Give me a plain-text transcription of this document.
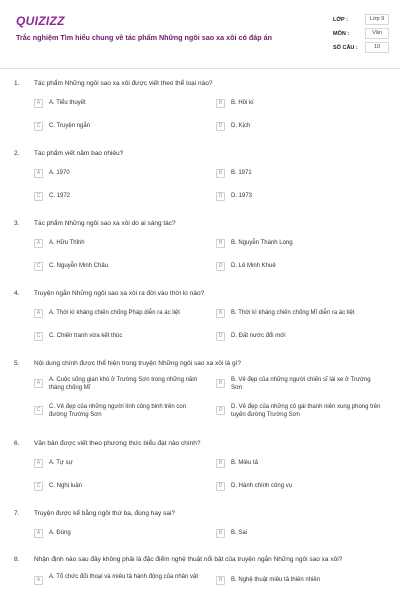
QUIZIZZ
Trắc nghiệm Tìm hiểu chung về tác phẩm Những ngôi sao xa xôi có đáp án
LỚP :	Lớp 9
MÔN :	Văn
SỐ CÂU :	10
1. Tác phẩm Những ngôi sao xa xôi được viết theo thể loại nào?
A	A. Tiểu thuyết	B	B. Hồi kí
C	C. Truyện ngắn	D	D. Kịch
2. Tác phẩm viết năm bao nhiêu?
A	A. 1970	B	B. 1971
C	C. 1972	D	D. 1973
3. Tác phẩm Những ngôi sao xa xôi do ai sáng tác?
A	A. Hữu Thỉnh	B	B. Nguyễn Thành Long
C	C. Nguyễn Minh Châu	D	D. Lê Minh Khuê
4. Truyện ngắn Những ngôi sao xa xôi ra đời vào thời kì nào?
A	A. Thời kì kháng chiến chống Pháp diễn ra ác liệt	B	B. Thời kì kháng chiến chống Mĩ diễn ra ác liệt
C	C. Chiến tranh vừa kết thúc	D	D. Đất nước đổi mới
5. Nội dung chính được thể hiện trong truyện Những ngôi sao xa xôi là gì?
A	A. Cuộc sống gian khó ở Trường Sơn trong những năm tháng chống Mĩ
B	B. Vẻ đẹp của những người chiến sĩ lái xe ở Trường Sơn
C	C. Vẻ đẹp của những người lính công binh trên con đường Trường Sơn
D	D. Vẻ đẹp của những cô gái thanh niên xung phong trên tuyến đường Trường Sơn
6. Văn bản được viết theo phương thức biểu đạt nào chính?
A	A. Tự sự	B	B. Miêu tả
C	C. Nghị luận	D	D. Hành chính công vụ
7. Truyện được kể bằng ngôi thứ ba, đúng hay sai?
A	A. Đúng	B	B. Sai
8. Nhận định nào sau đây không phải là đặc điểm nghệ thuật nổi bật của truyện ngắn Những ngôi sao xa xôi?
A	A. Tổ chức đối thoại và miêu tả hành động của nhân vật	B	B. Nghệ thuật miêu tả thiên nhiên
